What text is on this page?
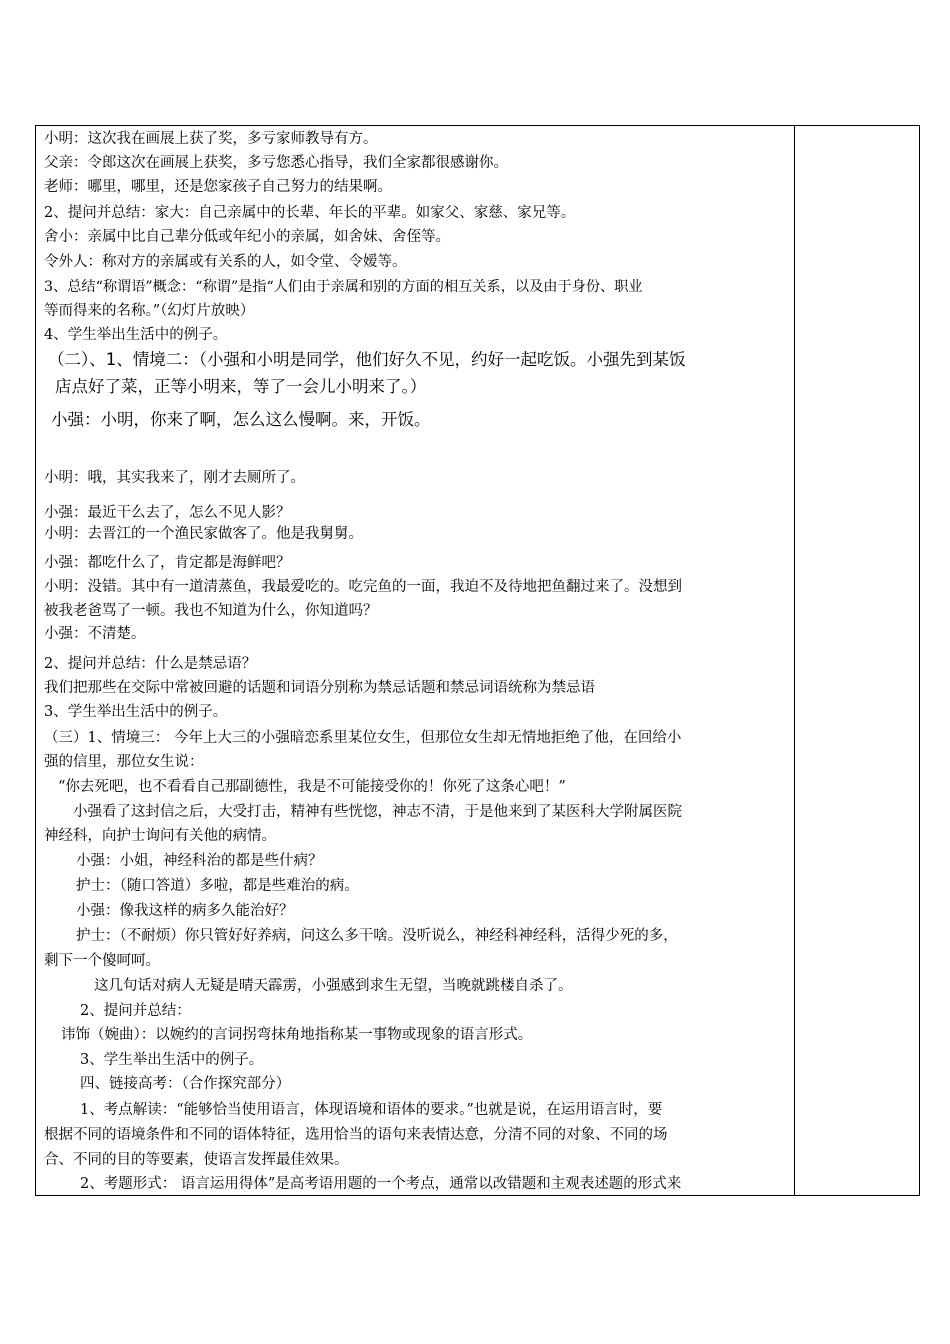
小明：这次我在画展上获了奖，多亏家师教导有方。
父亲：令郎这次在画展上获奖，多亏您悉心指导，我们全家都很感谢你。
老师：哪里，哪里，还是您家孩子自己努力的结果啊。
2、提问并总结：家大：自己亲属中的长辈、年长的平辈。如家父、家慈、家兄等。
舍小：亲属中比自己辈分低或年纪小的亲属，如舍妹、舍侄等。
令外人：称对方的亲属或有关系的人，如令堂、令嫒等。
3、总结“称谓语”概念：“称谓”是指“人们由于亲属和别的方面的相互关系，以及由于身份、职业
等而得来的名称。”（幻灯片放映）
4、学生举出生活中的例子。
（二）、1、情境二：（小强和小明是同学，他们好久不见，约好一起吃饭。小强先到某饭
店点好了菜，正等小明来，等了一会儿小明来了。）
小强：小明，你来了啊，怎么这么慢啊。来，开饭。
小明：哦，其实我来了，刚才去厕所了。
小强：最近干么去了，怎么不见人影？
小明：去晋江的一个渔民家做客了。他是我舅舅。
小强：都吃什么了，肯定都是海鲜吧？
小明：没错。其中有一道清蒸鱼，我最爱吃的。吃完鱼的一面，我迫不及待地把鱼翻过来了。没想到
被我老爸骂了一顿。我也不知道为什么，你知道吗？
小强：不清楚。
2、提问并总结：什么是禁忌语？
我们把那些在交际中常被回避的话题和词语分别称为禁忌话题和禁忌词语统称为禁忌语
3、学生举出生活中的例子。
（三）1、情境三： 今年上大三的小强暗恋系里某位女生，但那位女生却无情地拒绝了他，在回给小
强的信里，那位女生说：
“你去死吧，也不看看自己那副德性，我是不可能接受你的！你死了这条心吧！”
小强看了这封信之后，大受打击，精神有些恍惚，神志不清，于是他来到了某医科大学附属医院
神经科，向护士询问有关他的病情。
小强：小姐，神经科治的都是些什病？
护士：（随口答道）多啦，都是些难治的病。
小强：像我这样的病多久能治好？
护士：（不耐烦）你只管好好养病，问这么多干啥。没听说么，神经科神经科，活得少死的多，
剩下一个傻呵呵。
这几句话对病人无疑是晴天霹雳，小强感到求生无望，当晚就跳楼自杀了。
2、提问并总结：
讳饰（婉曲）：以婉约的言词拐弯抹角地指称某一事物或现象的语言形式。
3、学生举出生活中的例子。
四、链接高考：（合作探究部分）
1、考点解读：“能够恰当使用语言，体现语境和语体的要求。”也就是说，在运用语言时，要
根据不同的语境条件和不同的语体特征，选用恰当的语句来表情达意，分清不同的对象、不同的场
合、不同的目的等要素，使语言发挥最佳效果。
2、考题形式： 语言运用得体”是高考语用题的一个考点，通常以改错题和主观表述题的形式来
